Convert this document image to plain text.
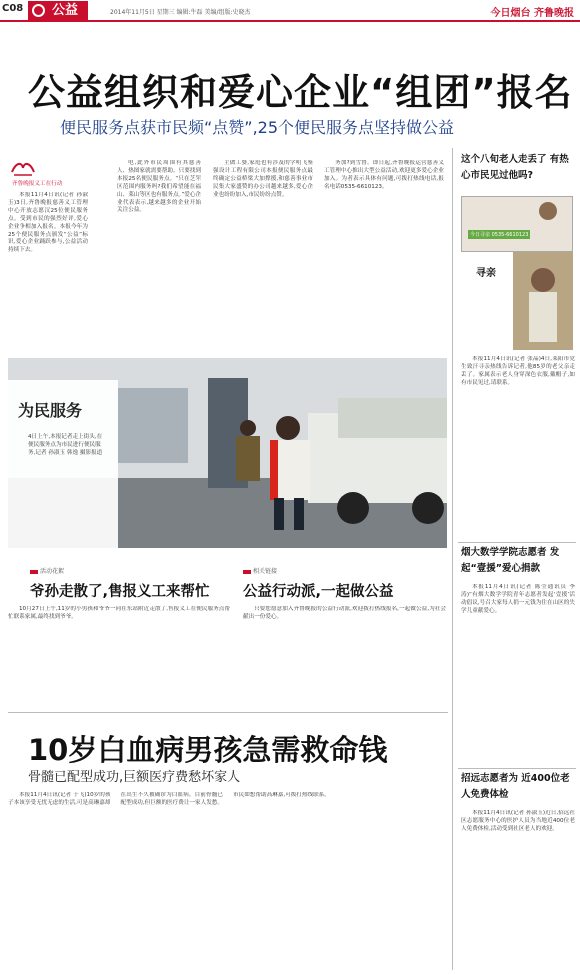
C08	公益	2014年11月5日 星期三 编辑:牛磊 美编/组版:史晓杰	今日烟台 齐鲁晚报
公益组织和爱心企业“组团”报名
便民服务点获市民频“点赞”,25个便民服务点坚持做公益
齐鲁晚报义工在行动

本报11月4日讯(记者 孙淑玉)3日,齐鲁晚报慈善义工管理中心开放志愿汉25位便民服务点。受到市民的强烈好评,爱心企业争相加入报名。本报今年为25个便民服务点颁发“公益”标识,爱心企业踊跃参与,公益活动持续下去。

电,此外市民周围有其慈善人、热图家就需要帮助。只要找到本报25名便民服务点。“只在芝罘区范围内服务吗?我们希望能在福山、莱山等区也有服务点。”爱心企业代表表示,越来越多的企业开始关注公益。

主做工婆,家庭也有涉及的学明飞鉴强设计工程有限公司本报便民服务点最终确定公益桥梁大加撑援,和慈善事业市民集大家盛赞的办公司越来越多,爱心企业也纷纷加入,市民纷纷点赞。

务加?到雪鲁。即日起,齐鲁晚报运营慈善义工管理中心推出大型公益活动,欢迎更多爱心企业加入。为者表示具体有问题,可拨打热线电话,报名电话0535-6610123。

为民服务
4日上午,本报记者走上街头,在便民服务点为市民进行便民服务,记者 孙淑玉 韩逸 摄影报道
活动花絮
爷孙走散了,售报义工来帮忙

10月27日上午,11岁的小男孩和爷爷一同在东站附近走散了,售报义工在便民服务点帮忙联系家属,最终找到爷爷。

相关链接
公益行动派,一起做公益

只要您愿意加入齐鲁晚报的公益行动派,欢迎拨打热线报名,一起做公益,为社会献出一份爱心。

10岁白血病男孩急需救命钱
骨髓已配型成功,巨额医疗费愁坏家人

本报11月4日讯(记者 于飞)10岁的孩子本该享受无忧无虑的生活,可是高琳嘉却在出生不久被确诊为白血病。目前骨髓已配型成功,但巨额的医疗费让一家人发愁。市民如想帮助高琳嘉,可拨打热线联系。

这个八旬老人走丢了 有热心市民见过他吗?
今日寻亲 0535-6610123
寻亲

本报11月4日讯(记者 张晶)4日,莱阳市党生致汗寻亲热线告诉记者,他85岁的老父亲走丢了。家属表示老人身穿深色衣服,戴帽子,如有市民见过,请联系。

烟大数学学院志愿者 发起“壹援”爱心捐款

本报11月4日讯(记者 陈莹通讯员 李涛)“有烟大数学学院青年志愿者发起‘壹援’活动倡议,号召大家每人捐一元钱为住在山区的失学儿童献爱心。

招远志愿者为 近400位老人免费体检

本报11月4日讯(记者 孙淑玉)近日,招远社区志愿服务中心的医护人员为当地近400位老人免费体检,活动受到社区老人的欢迎。
